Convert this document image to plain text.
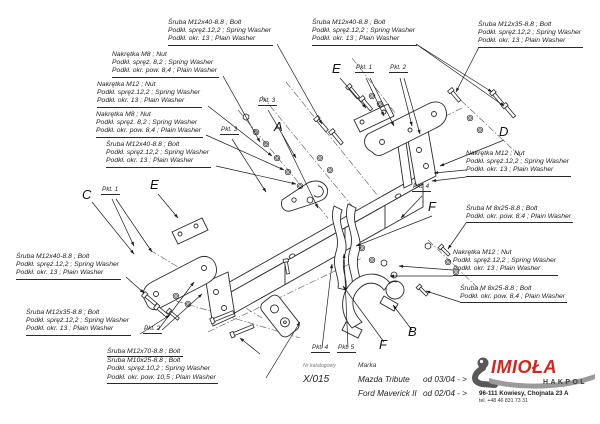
Śruba M12x40-8.8 ; Bolt
Podkł. spręż.12,2 ; Spring Washer
Podkł. okr. 13 ; Plain Washer
Nakrętka M8 ; Nut
Podkł. spręż. 8,2 ; Spring Washer
Podkł. okr. pow. 8,4 ; Plain Washer
Nakrętka M12 ; Nut
Podkł. spręż.12,2 ; Spring Washer
Podkł. okr. 13 ; Plain Washer
Nakrętka M8 ; Nut
Podkł. spręż. 8,2 ; Spring Washer
Podkł. okr. pow. 8,4 ; Plain Washer
Śruba M12x40-8.8 ; Bolt
Podkł. spręż.12,2 ; Spring Washer
Podkł. okr. 13 ; Plain Washer
Śruba M12x40-8.8 ; Bolt
Podkł. spręż.12,2 ; Spring Washer
Podkł. okr. 13 ; Plain Washer
Śruba M12x35-8.8 ; Bolt
Podkł. spręż.12,2 ; Spring Washer
Podkł. okr. 13 ; Plain Washer
Nakrętka M12 ; Nut
Podkł. spręż.12,2 ; Spring Washer
Podkł. okr. 13 ; Plain Washer
Śruba M 8x25-8.8 ; Bolt
Podkł. okr. pow. 8,4 ; Plain Washer
Nakrętka M12 ; Nut
Podkł. spręż.12,2 ; Spring Washer
Podkł. okr. 13 ; Plain Washer
Śruba M 8x25-8.8 ; Bolt
Podkł. okr. pow. 8,4 ; Plain Washer
Śruba M12x40-8.8 ; Bolt
Podkł. spręż.12,2 ; Spring Washer
Podkł. okr. 13 ; Plain Washer
Śruba M12x35-8.8 ; Bolt
Podkł. spręż.12,2 ; Spring Washer
Podkł. okr. 13 ; Plain Washer
Śruba M12x70-8.8 ; Bolt
Śruba M10x25-8.8 ; Bolt
Podkł. spręż.10,2 ; Spring Washer
Podkł. okr. pow. 10,5 ; Plain Washer
A
B
C
D
E
E
F
F
Pkt. 3
Pkt. 3
Pkt. 1	Pkt. 2
Pkt. 1
Pkt. 2
Pkt. 4
Pkt. 4	Pkt. 5
Nr katalogowy
X/015
Marka
Mazda Tribute od 03/04 - >
Ford Maverick II od 02/04 - >
IMIOŁA
HAKPOL
96-111 Kowiesy, Chojnata 23 A
tel. +48 46 831 73 31
